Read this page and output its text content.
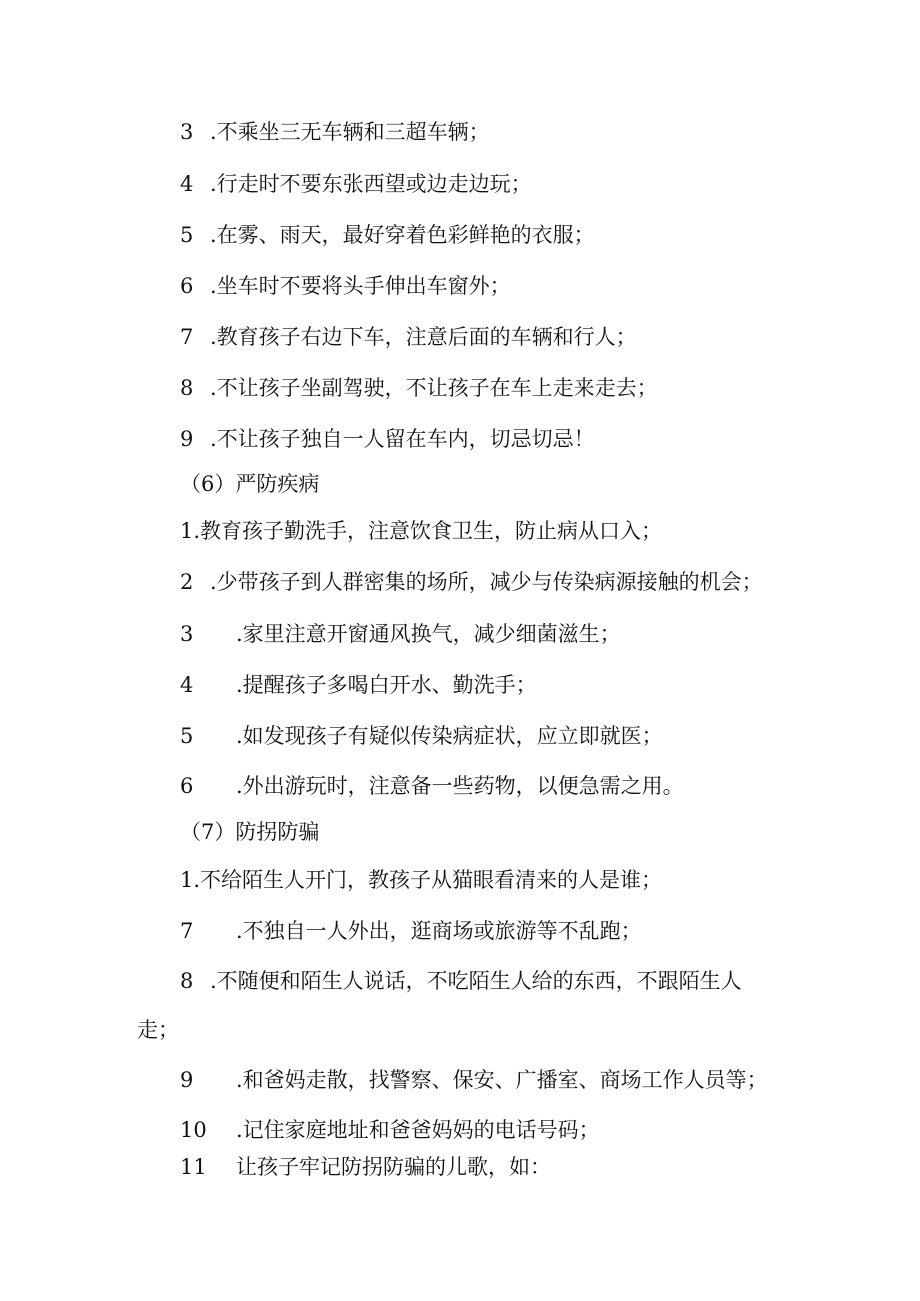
3 .不乘坐三无车辆和三超车辆；
4 .行走时不要东张西望或边走边玩；
5 .在雾、雨天，最好穿着色彩鲜艳的衣服；
6 .坐车时不要将头手伸出车窗外；
7 .教育孩子右边下车，注意后面的车辆和行人；
8 .不让孩子坐副驾驶，不让孩子在车上走来走去；
9 .不让孩子独自一人留在车内，切忌切忌！
（6）严防疾病
1.教育孩子勤洗手，注意饮食卫生，防止病从口入；
2 .少带孩子到人群密集的场所，减少与传染病源接触的机会；
3 .家里注意开窗通风换气，减少细菌滋生；
4 .提醒孩子多喝白开水、勤洗手；
5 .如发现孩子有疑似传染病症状，应立即就医；
6 .外出游玩时，注意备一些药物，以便急需之用。
（7）防拐防骗
1.不给陌生人开门，教孩子从猫眼看清来的人是谁；
7 .不独自一人外出，逛商场或旅游等不乱跑；
8 .不随便和陌生人说话，不吃陌生人给的东西，不跟陌生人
走；
9 .和爸妈走散，找警察、保安、广播室、商场工作人员等；
10 .记住家庭地址和爸爸妈妈的电话号码；
11 让孩子牢记防拐防骗的儿歌，如：
